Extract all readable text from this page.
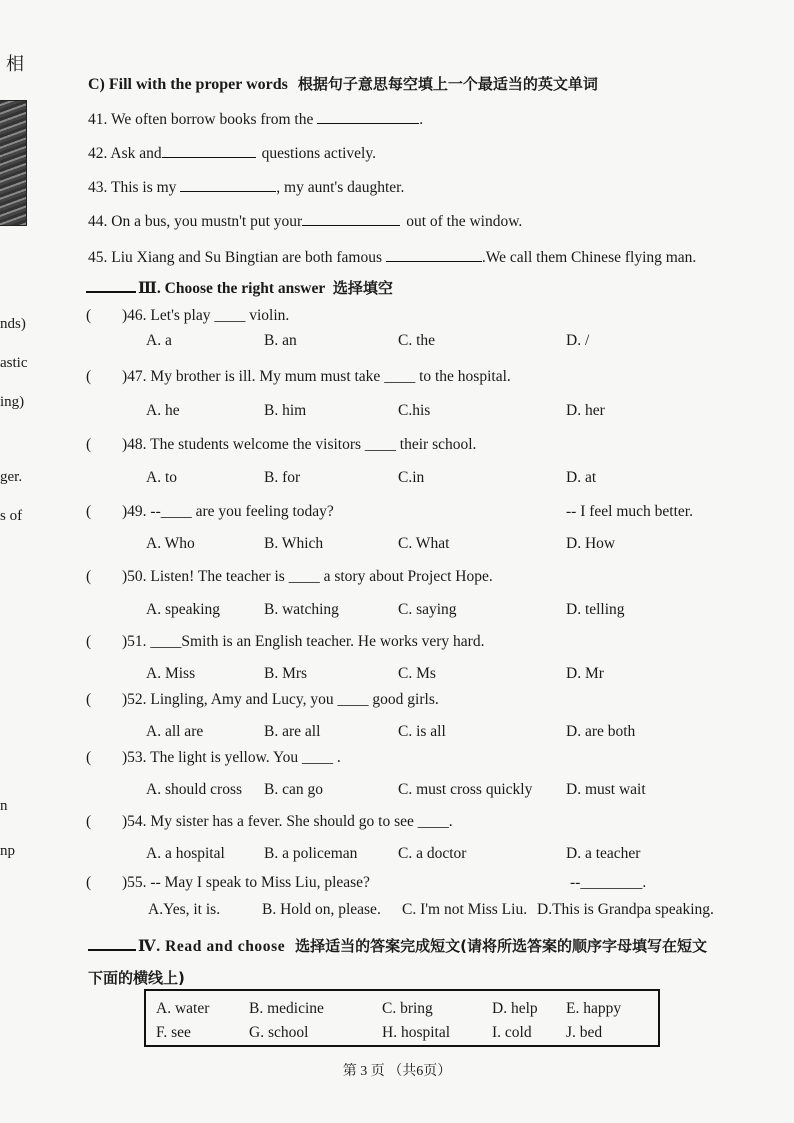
相
nds)
astic
ing)
ger.
s of
n
np
C) Fill with the proper words 根据句子意思每空填上一个最适当的英文单词
41. We often borrow books from the	.
42. Ask and	questions actively.
43. This is my	, my aunt's daughter.
44. On a bus, you mustn't put your	out of the window.
45. Liu Xiang and Su Bingtian are both famous	.We call them Chinese flying man.
Ⅲ. Choose the right answer 选择填空
( )46. Let's play ____ violin.
A. a	B. an	C. the	D. /
( )47. My brother is ill. My mum must take ____ to the hospital.
A. he	B. him	C.his	D. her
( )48. The students welcome the visitors ____ their school.
A. to	B. for	C.in	D. at
( )49. --____ are you feeling today?	-- I feel much better.
A. Who	B. Which	C. What	D. How
( )50. Listen! The teacher is ____ a story about Project Hope.
A. speaking	B. watching	C. saying	D. telling
( )51. ____Smith is an English teacher. He works very hard.
A. Miss	B. Mrs	C. Ms	D. Mr
( )52. Lingling, Amy and Lucy, you ____ good girls.
A. all are	B. are all	C. is all	D. are both
( )53. The light is yellow. You ____ .
A. should cross B. can go	C. must cross quickly D. must wait
( )54. My sister has a fever. She should go to see ____.
A. a hospital	B. a policeman	C. a doctor	D. a teacher
( )55. -- May I speak to Miss Liu, please?	--________.
A.Yes, it is.	B. Hold on, please. C. I'm not Miss Liu. D.This is Grandpa speaking.
Ⅳ. Read and choose 选择适当的答案完成短文(请将所选答案的顺序字母填写在短文
下面的横线上)
A. water	B. medicine	C. bring	D. help E. happy
F. see	G. school	H. hospital	I. cold J. bed
第 3 页 （共6页）
